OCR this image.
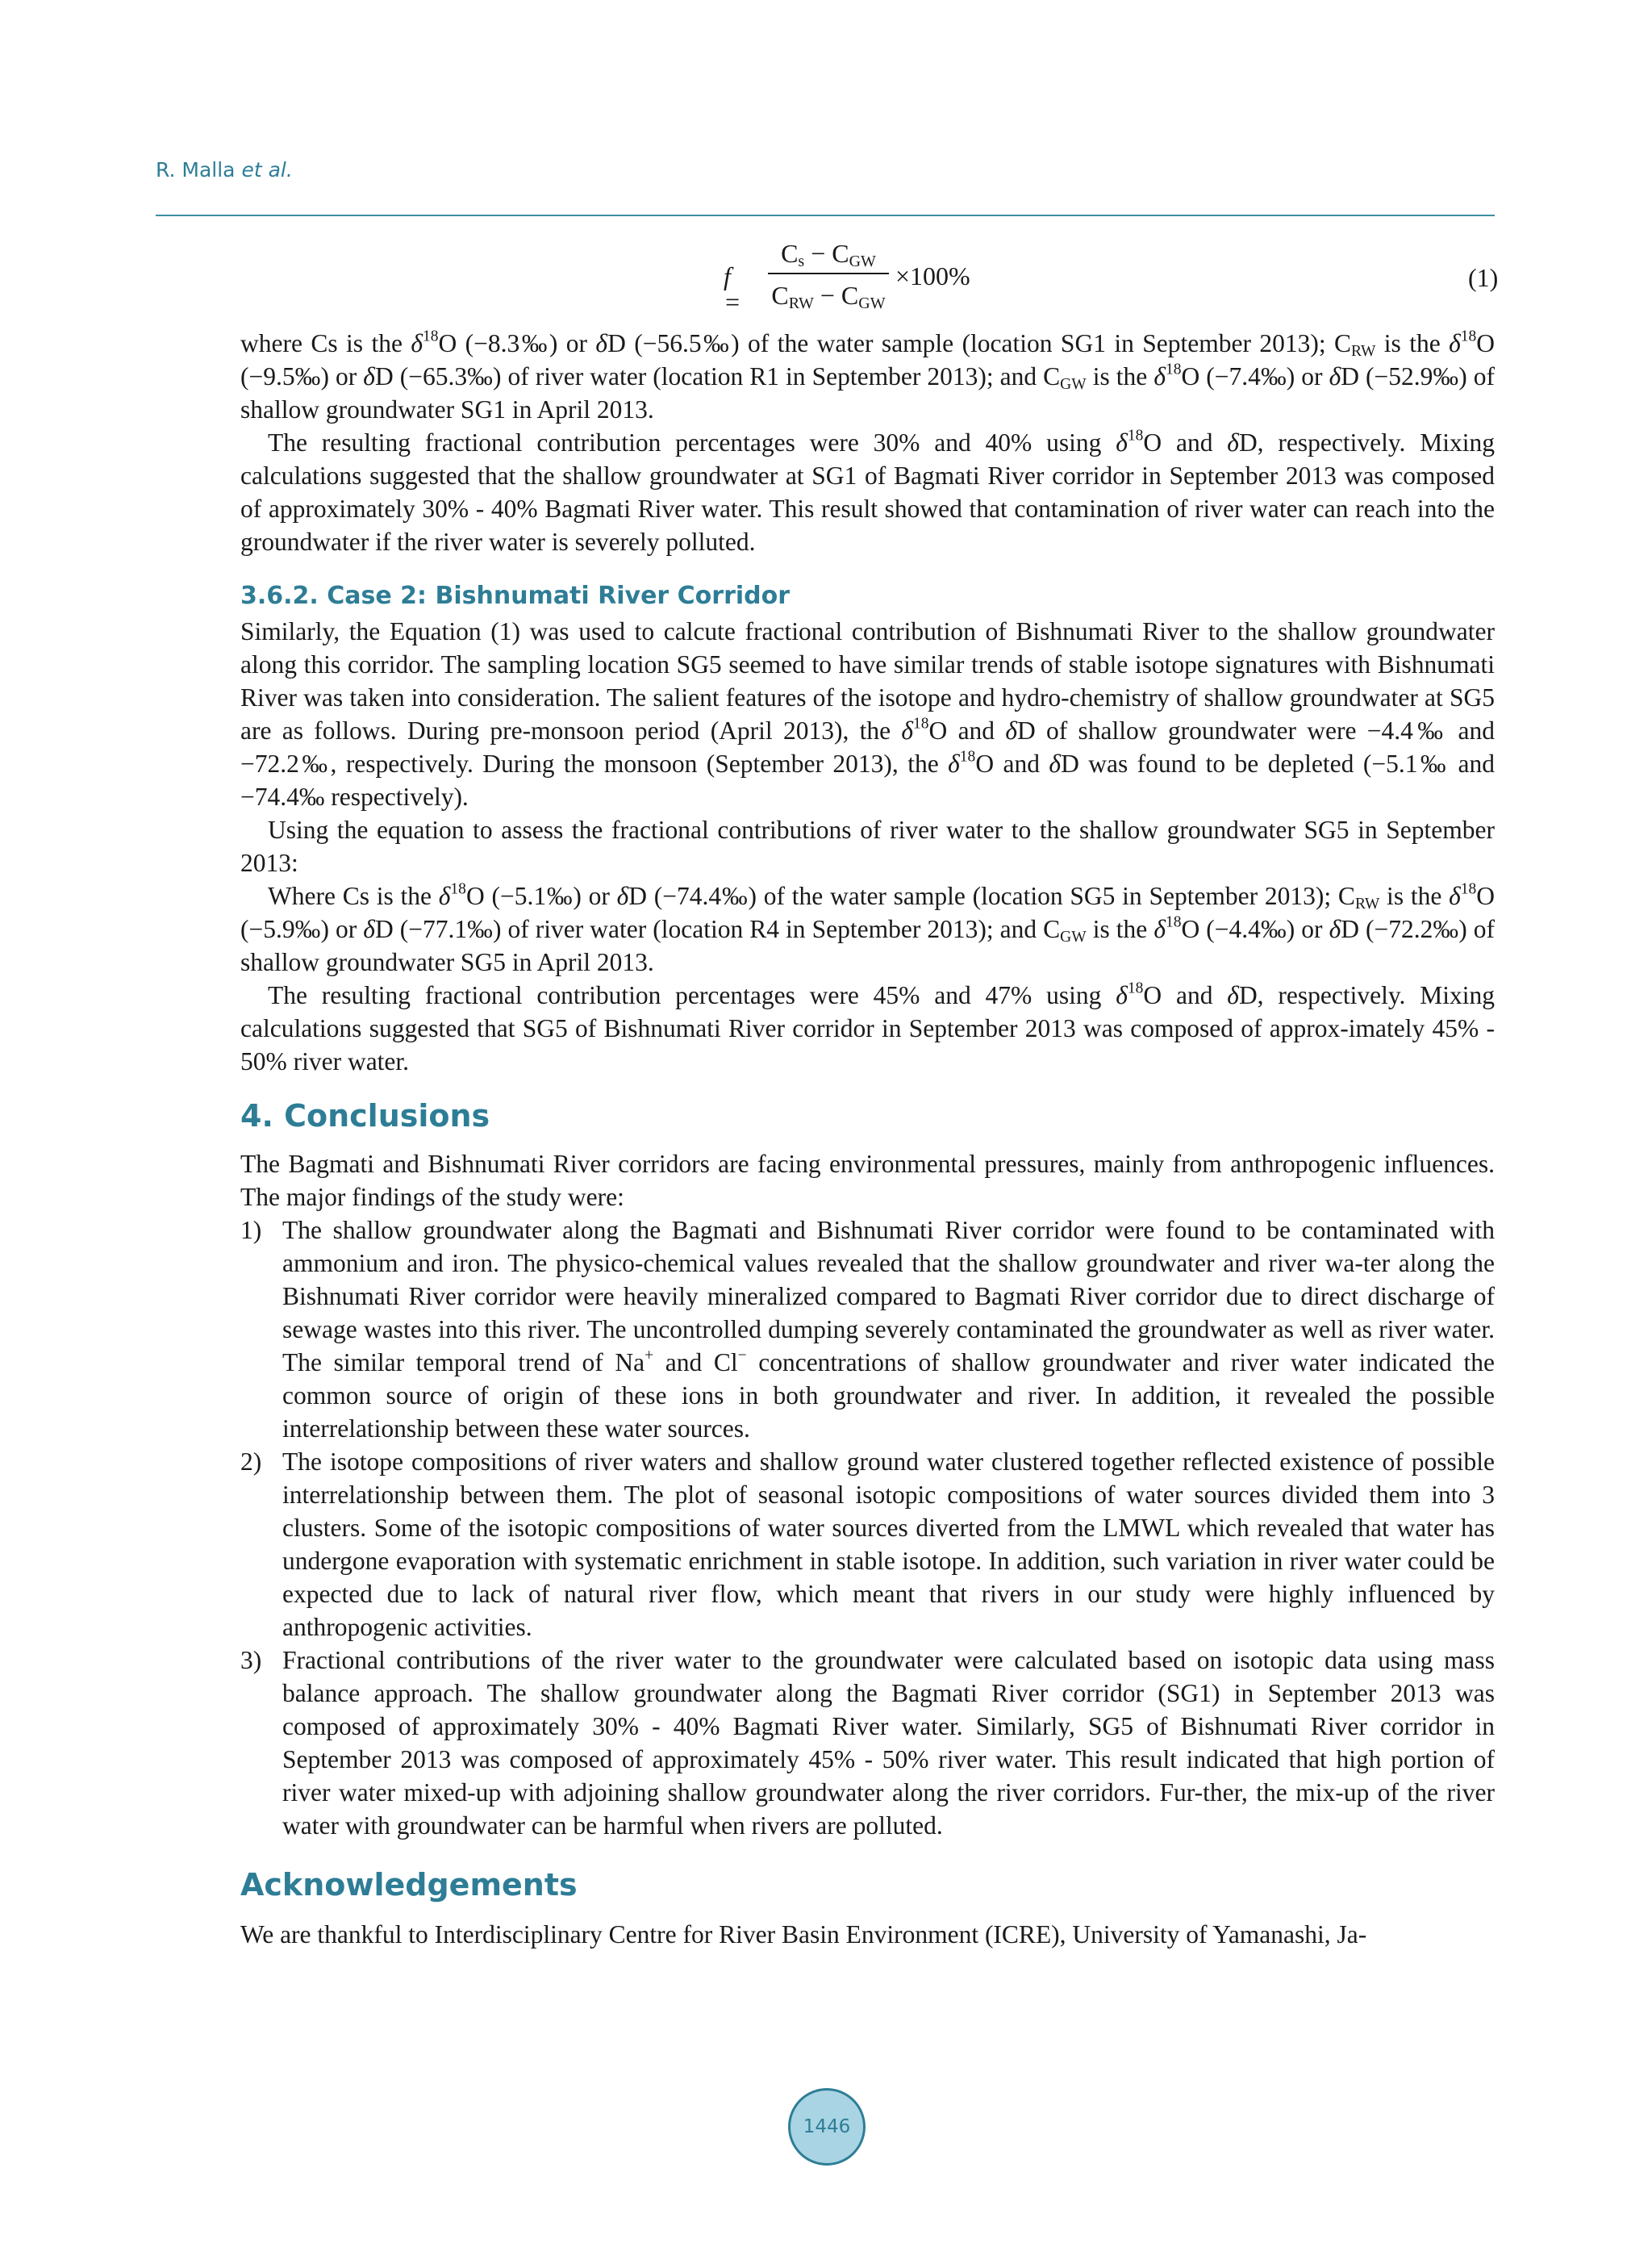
R. Malla et al.
f =
$C_s - C_{GW}$
$C_{RW} - C_{GW}$
×100%	(1)

where Cs is the $\delta^{18}O$ (−8.3‰) or δD (−56.5‰) of the water sample (location SG1 in September 2013); $C_{RW}$ is the $\delta^{18}O$ (−9.5‰) or δD (−65.3‰) of river water (location R1 in September 2013); and $C_{GW}$ is the $\delta^{18}O$ (−7.4‰) or δD (−52.9‰) of shallow groundwater SG1 in April 2013.

The resulting fractional contribution percentages were 30% and 40% using $\delta^{18}O$ and δD, respectively. Mixing calculations suggested that the shallow groundwater at SG1 of Bagmati River corridor in September 2013 was composed of approximately 30% - 40% Bagmati River water. This result showed that contamination of river water can reach into the groundwater if the river water is severely polluted.

3.6.2. Case 2: Bishnumati River Corridor

Similarly, the Equation (1) was used to calcute fractional contribution of Bishnumati River to the shallow groundwater along this corridor. The sampling location SG5 seemed to have similar trends of stable isotope signatures with Bishnumati River was taken into consideration. The salient features of the isotope and hydro-chemistry of shallow groundwater at SG5 are as follows. During pre-monsoon period (April 2013), the $\delta^{18}O$ and δD of shallow groundwater were −4.4‰ and −72.2‰, respectively. During the monsoon (September 2013), the $\delta^{18}O$ and δD was found to be depleted (−5.1‰ and −74.4‰ respectively).

Using the equation to assess the fractional contributions of river water to the shallow groundwater SG5 in September 2013:

Where Cs is the $\delta^{18}O$ (−5.1‰) or δD (−74.4‰) of the water sample (location SG5 in September 2013); $C_{RW}$ is the $\delta^{18}O$ (−5.9‰) or δD (−77.1‰) of river water (location R4 in September 2013); and $C_{GW}$ is the $\delta^{18}O$ (−4.4‰) or δD (−72.2‰) of shallow groundwater SG5 in April 2013.

The resulting fractional contribution percentages were 45% and 47% using $\delta^{18}O$ and δD, respectively. Mixing calculations suggested that SG5 of Bishnumati River corridor in September 2013 was composed of approx-imately 45% - 50% river water.

4. Conclusions

The Bagmati and Bishnumati River corridors are facing environmental pressures, mainly from anthropogenic influences. The major findings of the study were:

1) The shallow groundwater along the Bagmati and Bishnumati River corridor were found to be contaminated with ammonium and iron. The physico-chemical values revealed that the shallow groundwater and river wa-ter along the Bishnumati River corridor were heavily mineralized compared to Bagmati River corridor due to direct discharge of sewage wastes into this river. The uncontrolled dumping severely contaminated the groundwater as well as river water. The similar temporal trend of Na+ and Cl− concentrations of shallow groundwater and river water indicated the common source of origin of these ions in both groundwater and river. In addition, it revealed the possible interrelationship between these water sources.
2) The isotope compositions of river waters and shallow ground water clustered together reflected existence of possible interrelationship between them. The plot of seasonal isotopic compositions of water sources divided them into 3 clusters. Some of the isotopic compositions of water sources diverted from the LMWL which revealed that water has undergone evaporation with systematic enrichment in stable isotope. In addition, such variation in river water could be expected due to lack of natural river flow, which meant that rivers in our study were highly influenced by anthropogenic activities.
3) Fractional contributions of the river water to the groundwater were calculated based on isotopic data using mass balance approach. The shallow groundwater along the Bagmati River corridor (SG1) in September 2013 was composed of approximately 30% - 40% Bagmati River water. Similarly, SG5 of Bishnumati River corridor in September 2013 was composed of approximately 45% - 50% river water. This result indicated that high portion of river water mixed-up with adjoining shallow groundwater along the river corridors. Fur-ther, the mix-up of the river water with groundwater can be harmful when rivers are polluted.
Acknowledgements

We are thankful to Interdisciplinary Centre for River Basin Environment (ICRE), University of Yamanashi, Ja-

1446
